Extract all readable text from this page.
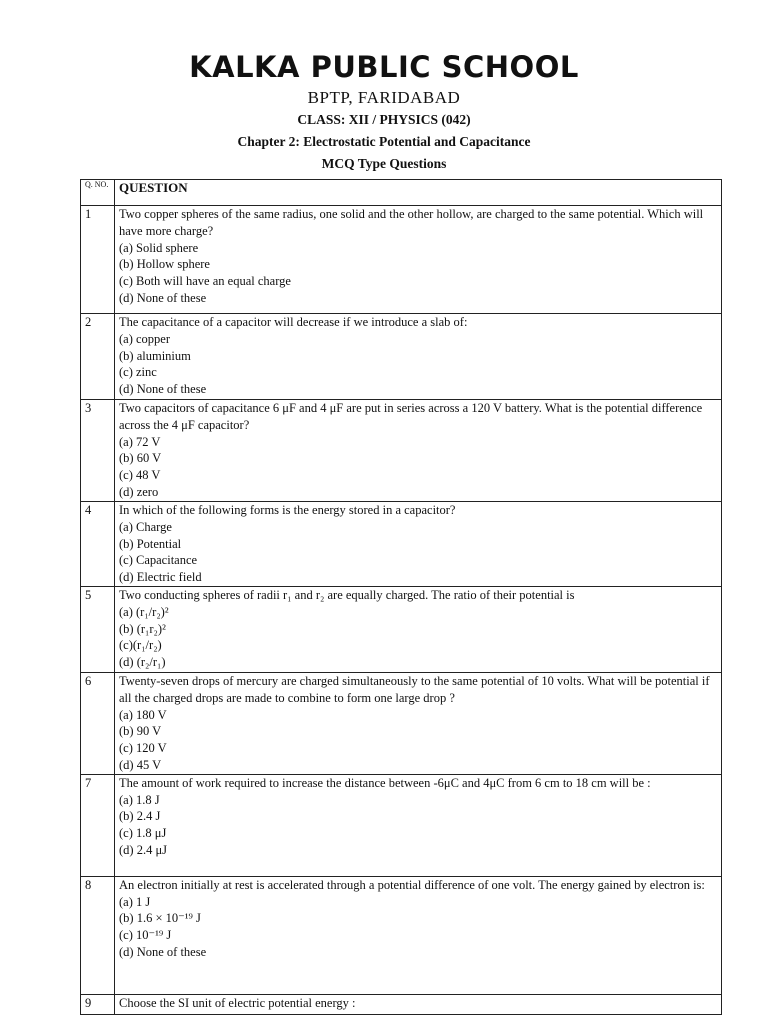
KALKA PUBLIC SCHOOL
BPTP, FARIDABAD
CLASS: XII / PHYSICS (042)
Chapter 2: Electrostatic Potential and Capacitance
MCQ Type Questions
Q. NO.	QUESTION
1	Two copper spheres of the same radius, one solid and the other hollow, are charged to the same potential. Which will have more charge?
(a) Solid sphere
(b) Hollow sphere
(c) Both will have an equal charge
(d) None of these

2	The capacitance of a capacitor will decrease if we introduce a slab of:
(a) copper
(b) aluminium
(c) zinc
(d) None of these

3	Two capacitors of capacitance 6 μF and 4 μF are put in series across a 120 V battery. What is the potential difference across the 4 μF capacitor?
(a) 72 V
(b) 60 V
(c) 48 V
(d) zero

4	In which of the following forms is the energy stored in a capacitor?
(a) Charge
(b) Potential
(c) Capacitance
(d) Electric field

5	Two conducting spheres of radii r₁ and r₂ are equally charged. The ratio of their potential is
(a) (r₁/r₂)²
(b) (r₁r₂)²
(c)(r₁/r₂)
(d) (r₂/r₁)

6	Twenty-seven drops of mercury are charged simultaneously to the same potential of 10 volts. What will be potential if all the charged drops are made to combine to form one large drop ?
(a) 180 V
(b) 90 V
(c) 120 V
(d) 45 V

7	The amount of work required to increase the distance between -6μC and 4μC from 6 cm to 18 cm will be :
(a) 1.8 J
(b) 2.4 J
(c) 1.8 μJ
(d) 2.4 μJ

8	An electron initially at rest is accelerated through a potential difference of one volt. The energy gained by electron is:
(a) 1 J
(b) 1.6 × 10⁻¹⁹ J
(c) 10⁻¹⁹ J
(d) None of these

9	Choose the SI unit of electric potential energy :
